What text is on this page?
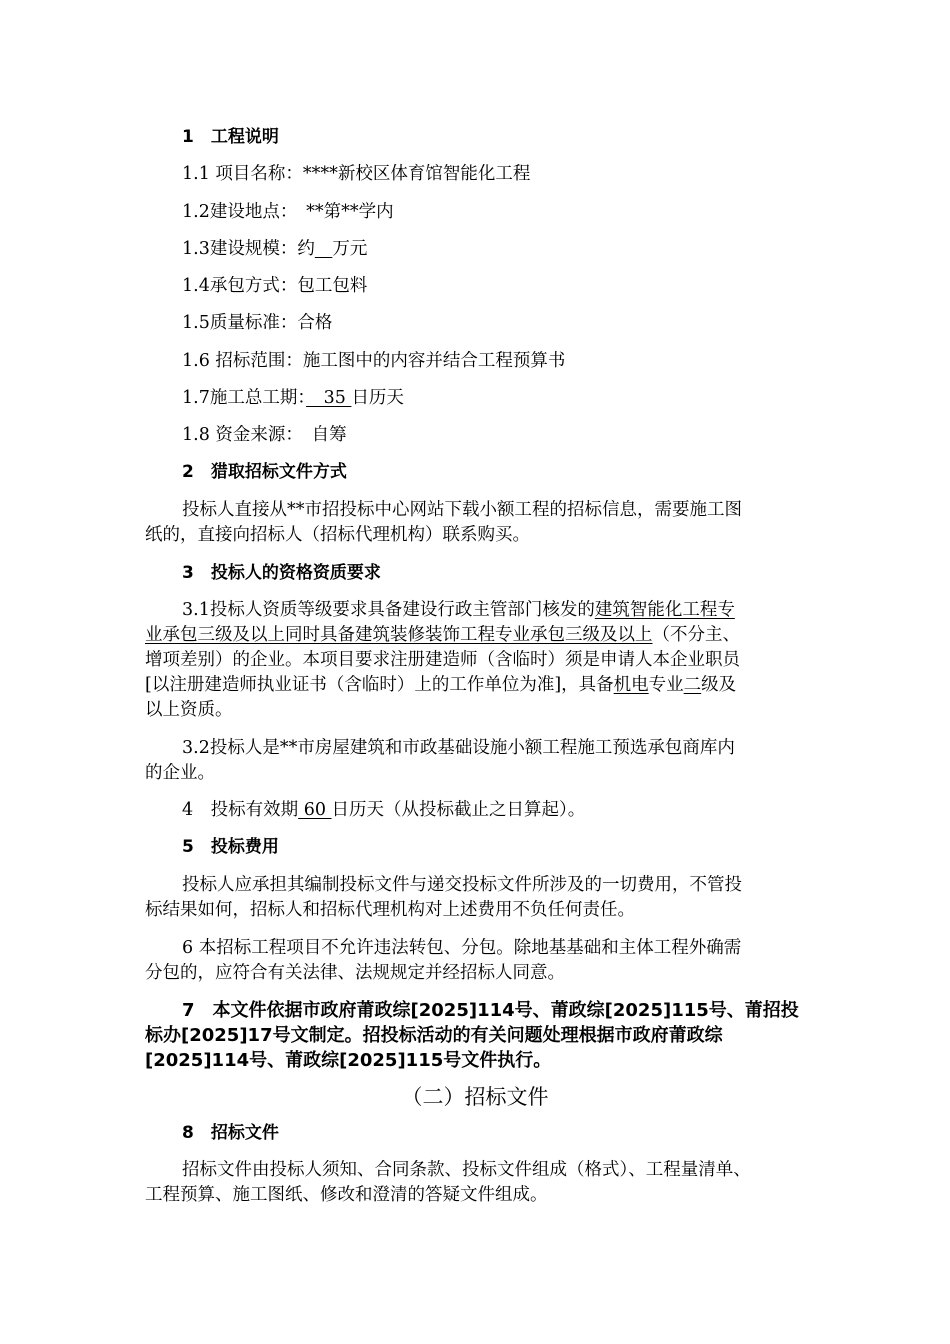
1　工程说明
1.1 项目名称：****新校区体育馆智能化工程
1.2建设地点：　**第**学内
1.3建设规模：约　 万元
1.4承包方式：包工包料
1.5质量标准：合格
1.6 招标范围：施工图中的内容并结合工程预算书
1.7施工总工期：　35 日历天
1.8 资金来源：　自筹
2　猎取招标文件方式
投标人直接从**市招投标中心网站下载小额工程的招标信息，需要施工图
纸的，直接向招标人（招标代理机构）联系购买。
3　投标人的资格资质要求
3.1投标人资质等级要求具备建设行政主管部门核发的建筑智能化工程专
业承包三级及以上同时具备建筑装修装饰工程专业承包三级及以上（不分主、
增项差别）的企业。本项目要求注册建造师（含临时）须是申请人本企业职员
[以注册建造师执业证书（含临时）上的工作单位为准]，具备机电专业二级及
以上资质。
3.2投标人是**市房屋建筑和市政基础设施小额工程施工预选承包商库内
的企业。
4　投标有效期 60 日历天（从投标截止之日算起）。
5　投标费用
投标人应承担其编制投标文件与递交投标文件所涉及的一切费用，不管投
标结果如何，招标人和招标代理机构对上述费用不负任何责任。
6 本招标工程项目不允许违法转包、分包。除地基基础和主体工程外确需
分包的，应符合有关法律、法规规定并经招标人同意。
7　本文件依据市政府莆政综[2025]114号、莆政综[2025]115号、莆招投
标办[2025]17号文制定。招投标活动的有关问题处理根据市政府莆政综
[2025]114号、莆政综[2025]115号文件执行。
（二）招标文件
8　招标文件
招标文件由投标人须知、合同条款、投标文件组成（格式）、工程量清单、
工程预算、施工图纸、修改和澄清的答疑文件组成。
